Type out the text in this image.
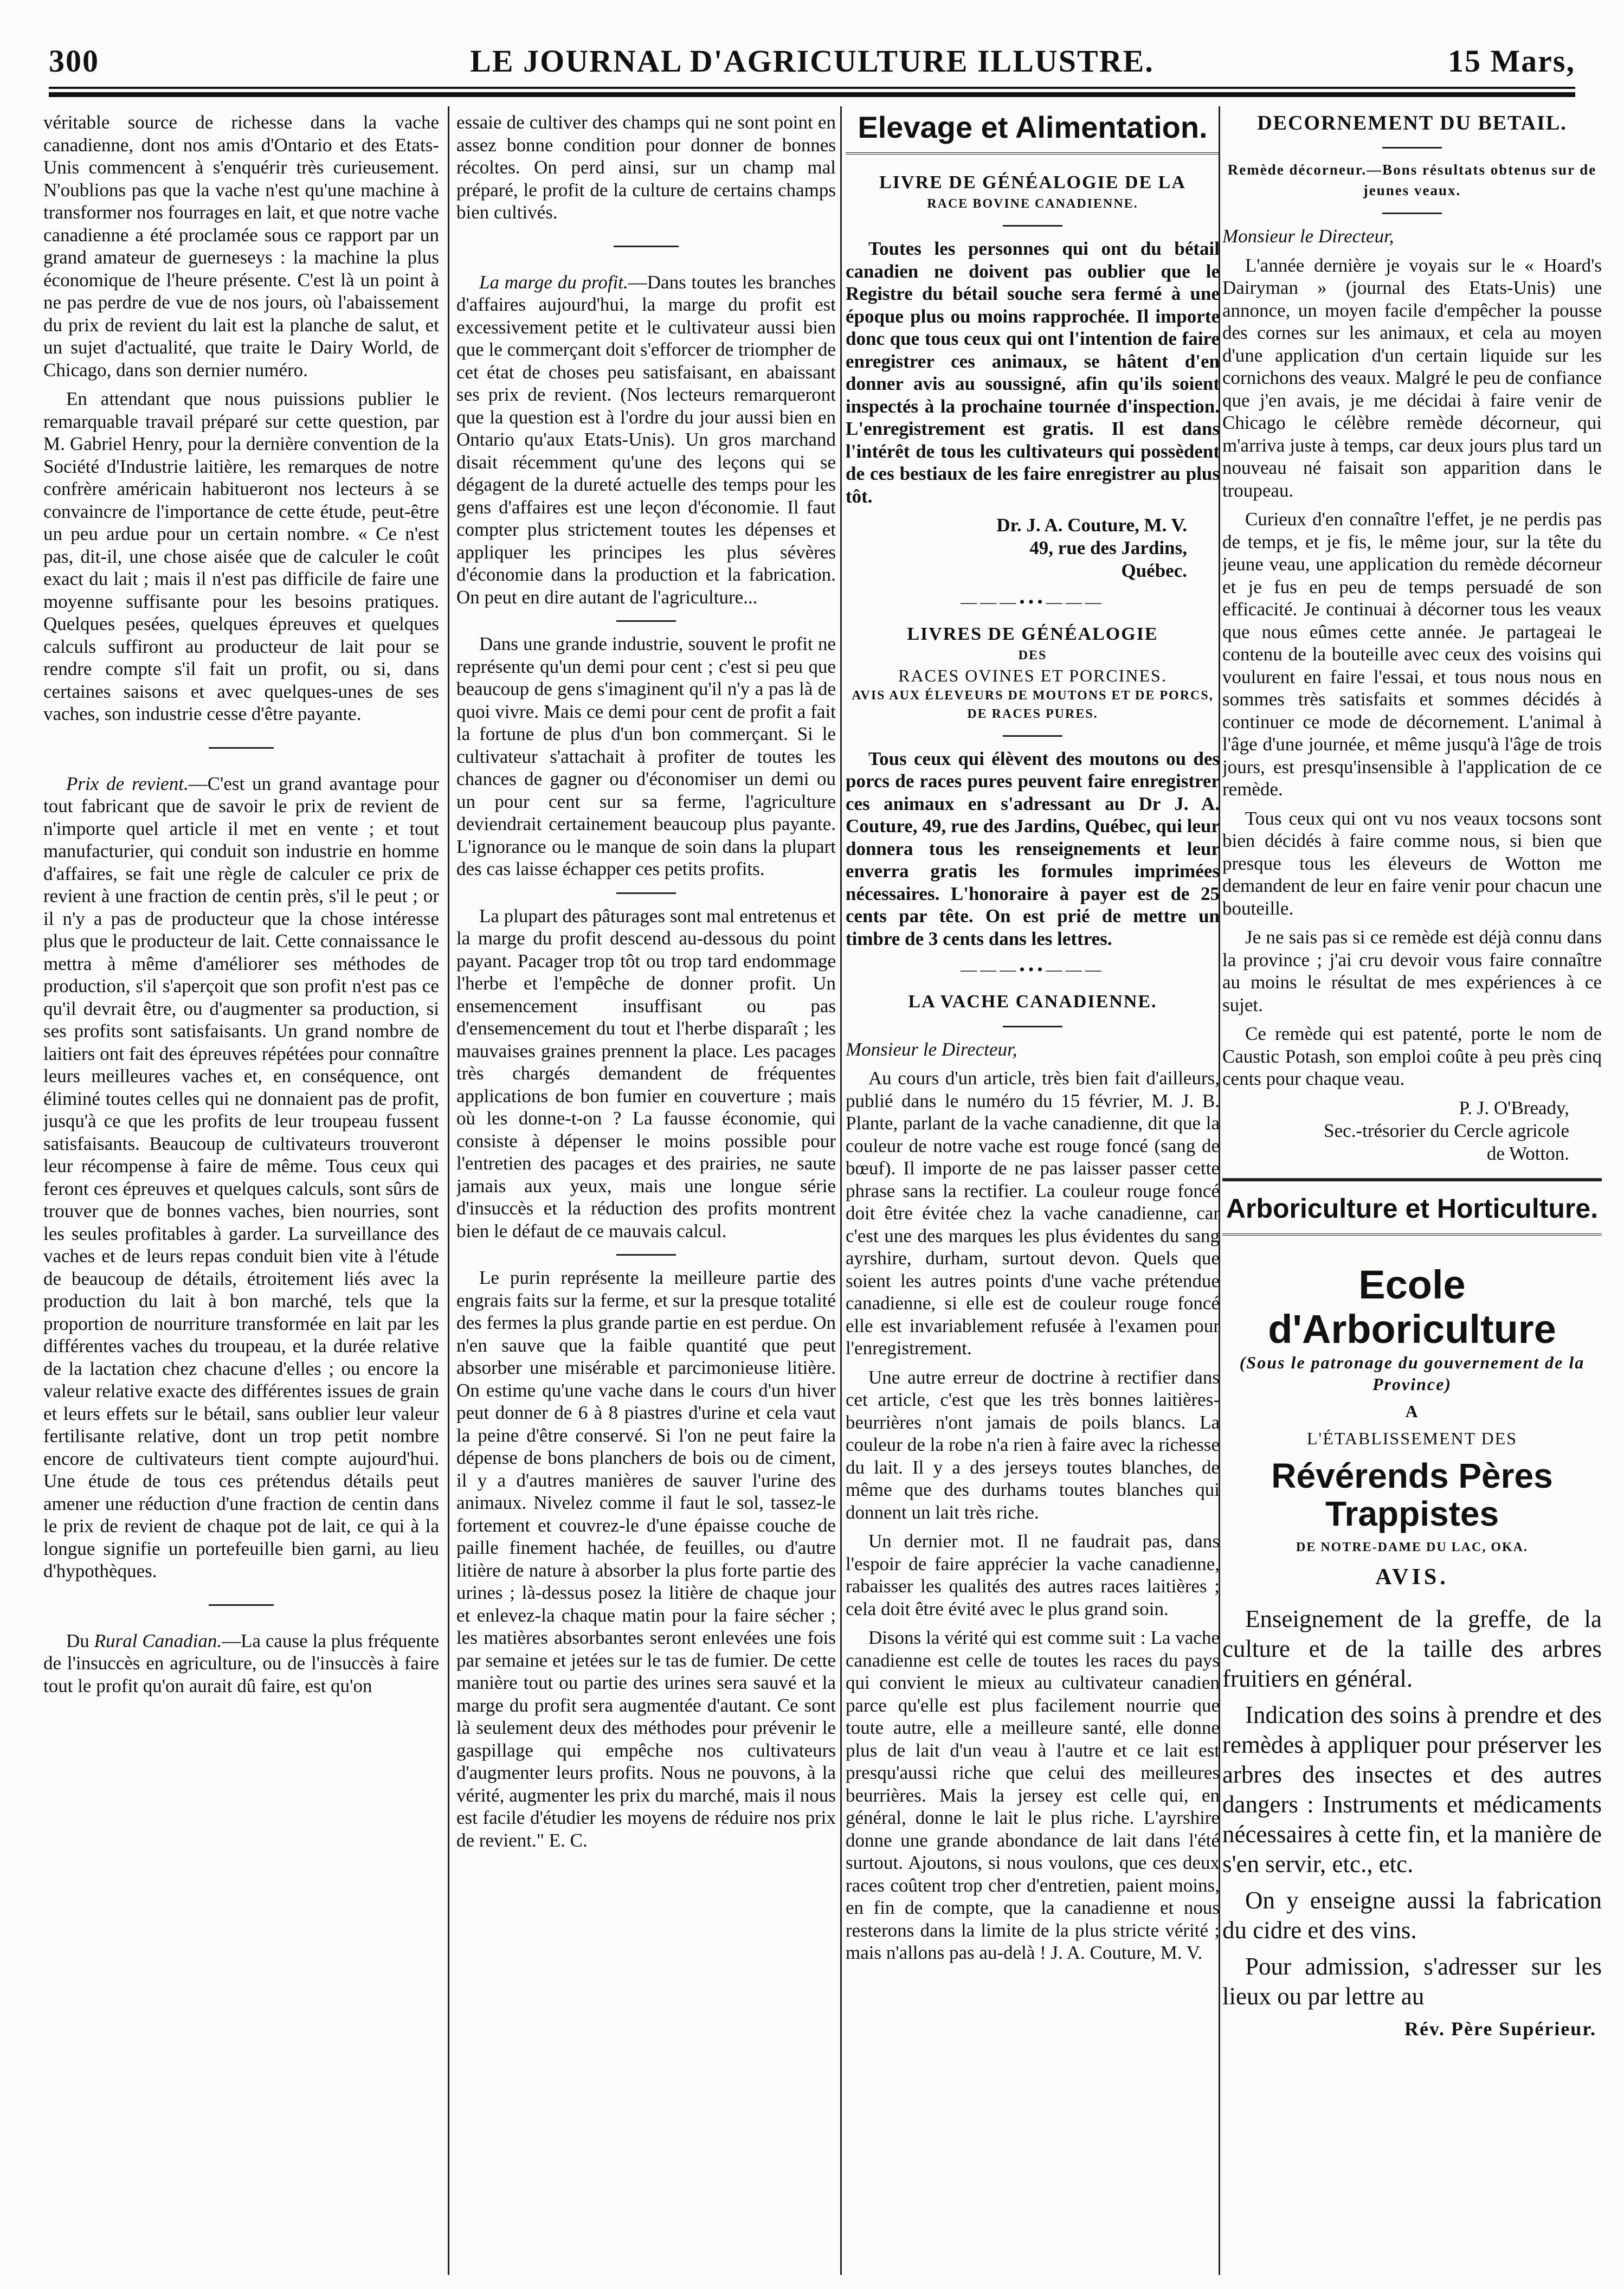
300	LE JOURNAL D'AGRICULTURE ILLUSTRE.	15 Mars,

véritable source de richesse dans la vache canadienne, dont nos amis d'Ontario et des Etats-Unis commencent à s'enquérir très curieusement. N'oublions pas que la vache n'est qu'une machine à transformer nos fourrages en lait, et que notre vache canadienne a été proclamée sous ce rapport par un grand amateur de guerneseys : la machine la plus économique de l'heure présente. C'est là un point à ne pas perdre de vue de nos jours, où l'abaissement du prix de revient du lait est la planche de salut, et un sujet d'actualité, que traite le Dairy World, de Chicago, dans son dernier numéro.

En attendant que nous puissions publier le remarquable travail préparé sur cette question, par M. Gabriel Henry, pour la dernière convention de la Société d'Industrie laitière, les remarques de notre confrère américain habitueront nos lecteurs à se convaincre de l'importance de cette étude, peut-être un peu ardue pour un certain nombre. « Ce n'est pas, dit-il, une chose aisée que de calculer le coût exact du lait ; mais il n'est pas difficile de faire une moyenne suffisante pour les besoins pratiques. Quelques pesées, quelques épreuves et quelques calculs suffiront au producteur de lait pour se rendre compte s'il fait un profit, ou si, dans certaines saisons et avec quelques-unes de ses vaches, son industrie cesse d'être payante.

Prix de revient.—C'est un grand avantage pour tout fabricant que de savoir le prix de revient de n'importe quel article il met en vente ; et tout manufacturier, qui conduit son industrie en homme d'affaires, se fait une règle de calculer ce prix de revient à une fraction de centin près, s'il le peut ; or il n'y a pas de producteur que la chose intéresse plus que le producteur de lait. Cette connaissance le mettra à même d'améliorer ses méthodes de production, s'il s'aperçoit que son profit n'est pas ce qu'il devrait être, ou d'augmenter sa production, si ses profits sont satisfaisants. Un grand nombre de laitiers ont fait des épreuves répétées pour connaître leurs meilleures vaches et, en conséquence, ont éliminé toutes celles qui ne donnaient pas de profit, jusqu'à ce que les profits de leur troupeau fussent satisfaisants. Beaucoup de cultivateurs trouveront leur récompense à faire de même. Tous ceux qui feront ces épreuves et quelques calculs, sont sûrs de trouver que de bonnes vaches, bien nourries, sont les seules profitables à garder. La surveillance des vaches et de leurs repas conduit bien vite à l'étude de beaucoup de détails, étroitement liés avec la production du lait à bon marché, tels que la proportion de nourriture transformée en lait par les différentes vaches du troupeau, et la durée relative de la lactation chez chacune d'elles ; ou encore la valeur relative exacte des différentes issues de grain et leurs effets sur le bétail, sans oublier leur valeur fertilisante relative, dont un trop petit nombre encore de cultivateurs tient compte aujourd'hui. Une étude de tous ces prétendus détails peut amener une réduction d'une fraction de centin dans le prix de revient de chaque pot de lait, ce qui à la longue signifie un portefeuille bien garni, au lieu d'hypothèques.

Du Rural Canadian.—La cause la plus fréquente de l'insuccès en agriculture, ou de l'insuccès à faire tout le profit qu'on aurait dû faire, est qu'on

essaie de cultiver des champs qui ne sont point en assez bonne condition pour donner de bonnes récoltes. On perd ainsi, sur un champ mal préparé, le profit de la culture de certains champs bien cultivés.

La marge du profit.—Dans toutes les branches d'affaires aujourd'hui, la marge du profit est excessivement petite et le cultivateur aussi bien que le commerçant doit s'efforcer de triompher de cet état de choses peu satisfaisant, en abaissant ses prix de revient. (Nos lecteurs remarqueront que la question est à l'ordre du jour aussi bien en Ontario qu'aux Etats-Unis). Un gros marchand disait récemment qu'une des leçons qui se dégagent de la dureté actuelle des temps pour les gens d'affaires est une leçon d'économie. Il faut compter plus strictement toutes les dépenses et appliquer les principes les plus sévères d'économie dans la production et la fabrication. On peut en dire autant de l'agriculture...

Dans une grande industrie, souvent le profit ne représente qu'un demi pour cent ; c'est si peu que beaucoup de gens s'imaginent qu'il n'y a pas là de quoi vivre. Mais ce demi pour cent de profit a fait la fortune de plus d'un bon commerçant. Si le cultivateur s'attachait à profiter de toutes les chances de gagner ou d'économiser un demi ou un pour cent sur sa ferme, l'agriculture deviendrait certainement beaucoup plus payante. L'ignorance ou le manque de soin dans la plupart des cas laisse échapper ces petits profits.

La plupart des pâturages sont mal entretenus et la marge du profit descend au-dessous du point payant. Pacager trop tôt ou trop tard endommage l'herbe et l'empêche de donner profit. Un ensemencement insuffisant ou pas d'ensemencement du tout et l'herbe disparaît ; les mauvaises graines prennent la place. Les pacages très chargés demandent de fréquentes applications de bon fumier en couverture ; mais où les donne-t-on ? La fausse économie, qui consiste à dépenser le moins possible pour l'entretien des pacages et des prairies, ne saute jamais aux yeux, mais une longue série d'insuccès et la réduction des profits montrent bien le défaut de ce mauvais calcul.

Le purin représente la meilleure partie des engrais faits sur la ferme, et sur la presque totalité des fermes la plus grande partie en est perdue. On n'en sauve que la faible quantité que peut absorber une misérable et parcimonieuse litière. On estime qu'une vache dans le cours d'un hiver peut donner de 6 à 8 piastres d'urine et cela vaut la peine d'être conservé. Si l'on ne peut faire la dépense de bons planchers de bois ou de ciment, il y a d'autres manières de sauver l'urine des animaux. Nivelez comme il faut le sol, tassez-le fortement et couvrez-le d'une épaisse couche de paille finement hachée, de feuilles, ou d'autre litière de nature à absorber la plus forte partie des urines ; là-dessus posez la litière de chaque jour et enlevez-la chaque matin pour la faire sécher ; les matières absorbantes seront enlevées une fois par semaine et jetées sur le tas de fumier. De cette manière tout ou partie des urines sera sauvé et la marge du profit sera augmentée d'autant. Ce sont là seulement deux des méthodes pour prévenir le gaspillage qui empêche nos cultivateurs d'augmenter leurs profits. Nous ne pouvons, à la vérité, augmenter les prix du marché, mais il nous est facile d'étudier les moyens de réduire nos prix de revient." E. C.

Elevage et Alimentation.
LIVRE DE GÉNÉALOGIE DE LA
RACE BOVINE CANADIENNE.

Toutes les personnes qui ont du bétail canadien ne doivent pas oublier que le Registre du bétail souche sera fermé à une époque plus ou moins rapprochée. Il importe donc que tous ceux qui ont l'intention de faire enregistrer ces animaux, se hâtent d'en donner avis au soussigné, afin qu'ils soient inspectés à la prochaine tournée d'inspection. L'enregistrement est gratis. Il est dans l'intérêt de tous les cultivateurs qui possèdent de ces bestiaux de les faire enregistrer au plus tôt.

Dr. J. A. Couture, M. V.
49, rue des Jardins,
Québec.
———•••———
LIVRES DE GÉNÉALOGIE
DES
RACES OVINES ET PORCINES.
AVIS AUX ÉLEVEURS DE MOUTONS ET DE PORCS, DE RACES PURES.

Tous ceux qui élèvent des moutons ou des porcs de races pures peuvent faire enregistrer ces animaux en s'adressant au Dr J. A. Couture, 49, rue des Jardins, Québec, qui leur donnera tous les renseignements et leur enverra gratis les formules imprimées nécessaires. L'honoraire à payer est de 25 cents par tête. On est prié de mettre un timbre de 3 cents dans les lettres.

———•••———
LA VACHE CANADIENNE.

Monsieur le Directeur,

Au cours d'un article, très bien fait d'ailleurs, publié dans le numéro du 15 février, M. J. B. Plante, parlant de la vache canadienne, dit que la couleur de notre vache est rouge foncé (sang de bœuf). Il importe de ne pas laisser passer cette phrase sans la rectifier. La couleur rouge foncé doit être évitée chez la vache canadienne, car c'est une des marques les plus évidentes du sang ayrshire, durham, surtout devon. Quels que soient les autres points d'une vache prétendue canadienne, si elle est de couleur rouge foncé elle est invariablement refusée à l'examen pour l'enregistrement.

Une autre erreur de doctrine à rectifier dans cet article, c'est que les très bonnes laitières-beurrières n'ont jamais de poils blancs. La couleur de la robe n'a rien à faire avec la richesse du lait. Il y a des jerseys toutes blanches, de même que des durhams toutes blanches qui donnent un lait très riche.

Un dernier mot. Il ne faudrait pas, dans l'espoir de faire apprécier la vache canadienne, rabaisser les qualités des autres races laitières ; cela doit être évité avec le plus grand soin.

Disons la vérité qui est comme suit : La vache canadienne est celle de toutes les races du pays qui convient le mieux au cultivateur canadien parce qu'elle est plus facilement nourrie que toute autre, elle a meilleure santé, elle donne plus de lait d'un veau à l'autre et ce lait est presqu'aussi riche que celui des meilleures beurrières. Mais la jersey est celle qui, en général, donne le lait le plus riche. L'ayrshire donne une grande abondance de lait dans l'été surtout. Ajoutons, si nous voulons, que ces deux races coûtent trop cher d'entretien, paient moins, en fin de compte, que la canadienne et nous resterons dans la limite de la plus stricte vérité ; mais n'allons pas au-delà ! J. A. Couture, M. V.

DECORNEMENT DU BETAIL.
Remède décorneur.—Bons résultats obtenus sur de jeunes veaux.

Monsieur le Directeur,

L'année dernière je voyais sur le « Hoard's Dairyman » (journal des Etats-Unis) une annonce, un moyen facile d'empêcher la pousse des cornes sur les animaux, et cela au moyen d'une application d'un certain liquide sur les cornichons des veaux. Malgré le peu de confiance que j'en avais, je me décidai à faire venir de Chicago le célèbre remède décorneur, qui m'arriva juste à temps, car deux jours plus tard un nouveau né faisait son apparition dans le troupeau.

Curieux d'en connaître l'effet, je ne perdis pas de temps, et je fis, le même jour, sur la tête du jeune veau, une application du remède décorneur et je fus en peu de temps persuadé de son efficacité. Je continuai à décorner tous les veaux que nous eûmes cette année. Je partageai le contenu de la bouteille avec ceux des voisins qui voulurent en faire l'essai, et tous nous nous en sommes très satisfaits et sommes décidés à continuer ce mode de décornement. L'animal à l'âge d'une journée, et même jusqu'à l'âge de trois jours, est presqu'insensible à l'application de ce remède.

Tous ceux qui ont vu nos veaux tocsons sont bien décidés à faire comme nous, si bien que presque tous les éleveurs de Wotton me demandent de leur en faire venir pour chacun une bouteille.

Je ne sais pas si ce remède est déjà connu dans la province ; j'ai cru devoir vous faire connaître au moins le résultat de mes expériences à ce sujet.

Ce remède qui est patenté, porte le nom de Caustic Potash, son emploi coûte à peu près cinq cents pour chaque veau.

P. J. O'Bready,
Sec.-trésorier du Cercle agricole
de Wotton.
Arboriculture et Horticulture.
Ecole d'Arboriculture
(Sous le patronage du gouvernement de la Province)
A
L'ÉTABLISSEMENT DES
Révérends Pères Trappistes
DE NOTRE-DAME DU LAC, OKA.
AVIS.

Enseignement de la greffe, de la culture et de la taille des arbres fruitiers en général.

Indication des soins à prendre et des remèdes à appliquer pour préserver les arbres des insectes et des autres dangers : Instruments et médicaments nécessaires à cette fin, et la manière de s'en servir, etc., etc.

On y enseigne aussi la fabrication du cidre et des vins.

Pour admission, s'adresser sur les lieux ou par lettre au

Rév. Père Supérieur.
